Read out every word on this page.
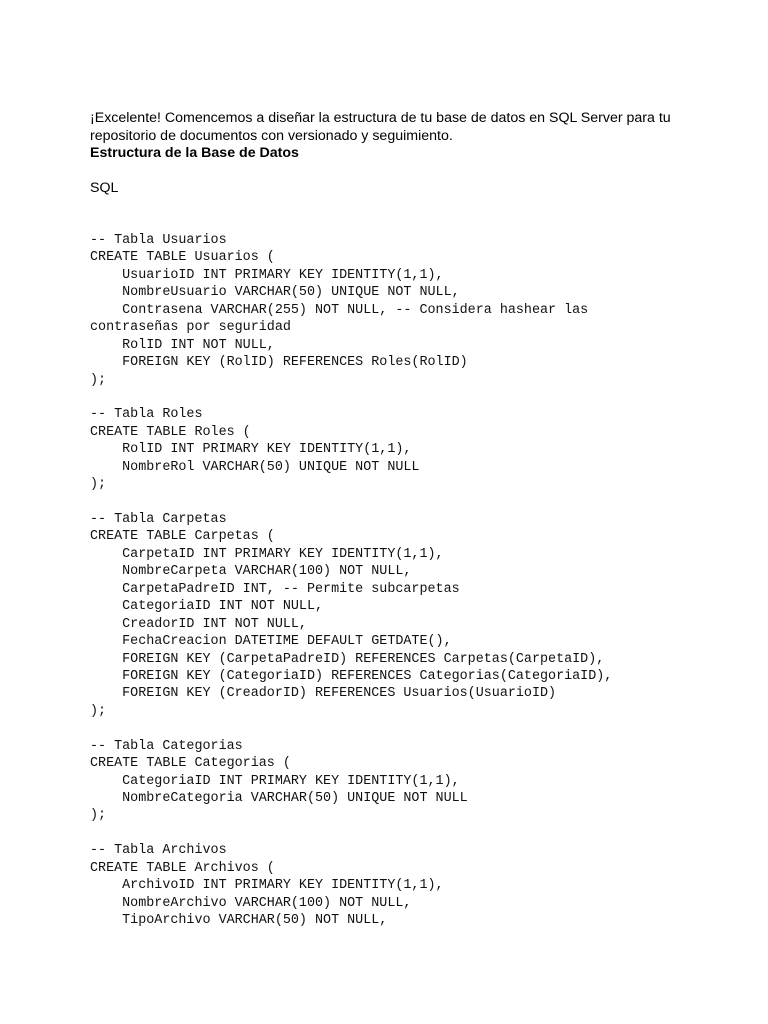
¡Excelente! Comencemos a diseñar la estructura de tu base de datos en SQL Server para tu repositorio de documentos con versionado y seguimiento.

Estructura de la Base de Datos

SQL

-- Tabla Usuarios
CREATE TABLE Usuarios (
UsuarioID INT PRIMARY KEY IDENTITY(1,1),
NombreUsuario VARCHAR(50) UNIQUE NOT NULL,
Contrasena VARCHAR(255) NOT NULL, -- Considera hashear las
contraseñas por seguridad
RolID INT NOT NULL,
FOREIGN KEY (RolID) REFERENCES Roles(RolID)
);
-- Tabla Roles
CREATE TABLE Roles (
RolID INT PRIMARY KEY IDENTITY(1,1),
NombreRol VARCHAR(50) UNIQUE NOT NULL
);
-- Tabla Carpetas
CREATE TABLE Carpetas (
CarpetaID INT PRIMARY KEY IDENTITY(1,1),
NombreCarpeta VARCHAR(100) NOT NULL,
CarpetaPadreID INT, -- Permite subcarpetas
CategoriaID INT NOT NULL,
CreadorID INT NOT NULL,
FechaCreacion DATETIME DEFAULT GETDATE(),
FOREIGN KEY (CarpetaPadreID) REFERENCES Carpetas(CarpetaID),
FOREIGN KEY (CategoriaID) REFERENCES Categorias(CategoriaID),
FOREIGN KEY (CreadorID) REFERENCES Usuarios(UsuarioID)
);
-- Tabla Categorias
CREATE TABLE Categorias (
CategoriaID INT PRIMARY KEY IDENTITY(1,1),
NombreCategoria VARCHAR(50) UNIQUE NOT NULL
);
-- Tabla Archivos
CREATE TABLE Archivos (
ArchivoID INT PRIMARY KEY IDENTITY(1,1),
NombreArchivo VARCHAR(100) NOT NULL,
TipoArchivo VARCHAR(50) NOT NULL,
